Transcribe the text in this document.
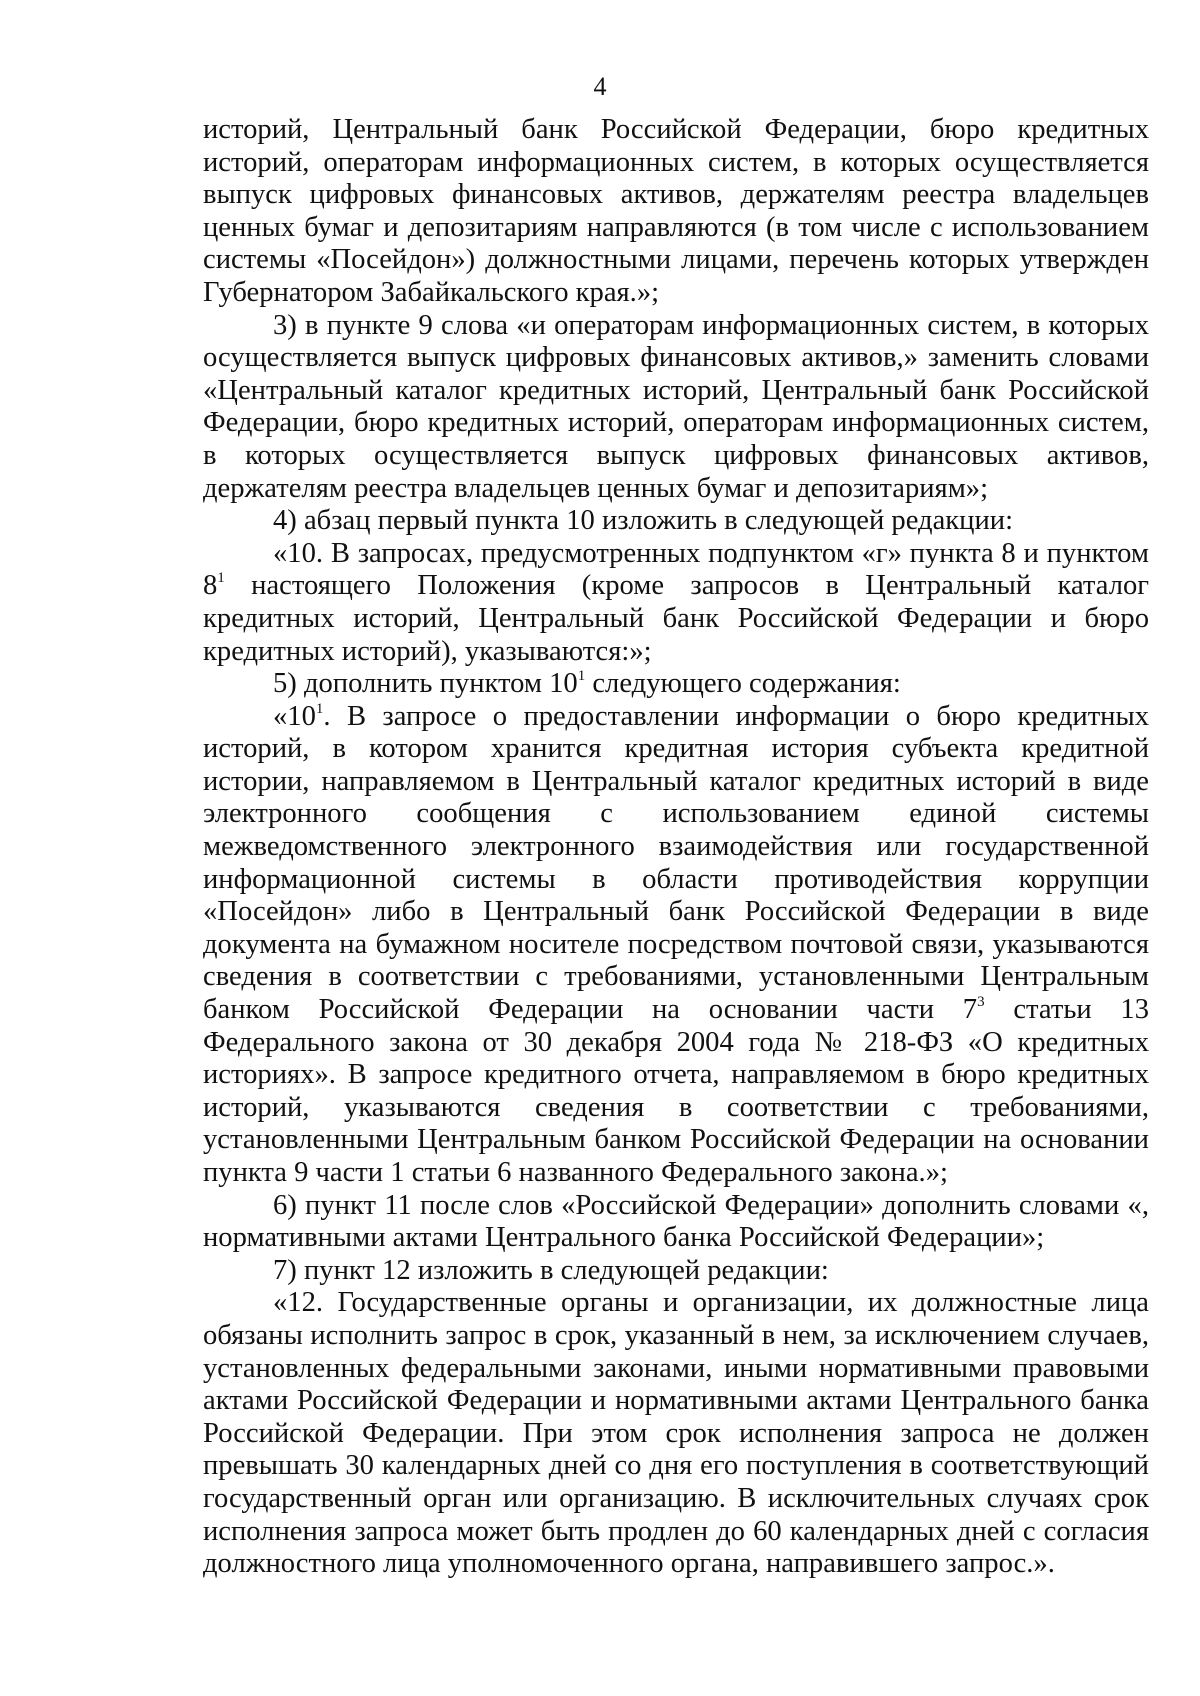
4

историй, Центральный банк Российской Федерации, бюро кредитных историй, операторам информационных систем, в которых осуществляется выпуск цифровых финансовых активов, держателям реестра владельцев ценных бумаг и депозитариям направляются (в том числе с использованием системы «Посейдон») должностными лицами, перечень которых утвержден Губернатором Забайкальского края.»;

3) в пункте 9 слова «и операторам информационных систем, в которых осуществляется выпуск цифровых финансовых активов,» заменить словами «Центральный каталог кредитных историй, Центральный банк Российской Федерации, бюро кредитных историй, операторам информационных систем, в которых осуществляется выпуск цифровых финансовых активов, держателям реестра владельцев ценных бумаг и депозитариям»;

4) абзац первый пункта 10 изложить в следующей редакции:

«10. В запросах, предусмотренных подпунктом «г» пункта 8 и пунктом $8^1$ настоящего Положения (кроме запросов в Центральный каталог кредитных историй, Центральный банк Российской Федерации и бюро кредитных историй), указываются:»;

5) дополнить пунктом $10^1$ следующего содержания:

«$10^1$. В запросе о предоставлении информации о бюро кредитных историй, в котором хранится кредитная история субъекта кредитной истории, направляемом в Центральный каталог кредитных историй в виде электронного сообщения с использованием единой системы межведомственного электронного взаимодействия или государственной информационной системы в области противодействия коррупции «Посейдон» либо в Центральный банк Российской Федерации в виде документа на бумажном носителе посредством почтовой связи, указываются сведения в соответствии с требованиями, установленными Центральным банком Российской Федерации на основании части $7^3$ статьи 13 Федерального закона от 30 декабря 2004 года № 218-ФЗ «О кредитных историях». В запросе кредитного отчета, направляемом в бюро кредитных историй, указываются сведения в соответствии с требованиями, установленными Центральным банком Российской Федерации на основании пункта 9 части 1 статьи 6 названного Федерального закона.»;

6) пункт 11 после слов «Российской Федерации» дополнить словами «, нормативными актами Центрального банка Российской Федерации»;

7) пункт 12 изложить в следующей редакции:

«12. Государственные органы и организации, их должностные лица обязаны исполнить запрос в срок, указанный в нем, за исключением случаев, установленных федеральными законами, иными нормативными правовыми актами Российской Федерации и нормативными актами Центрального банка Российской Федерации. При этом срок исполнения запроса не должен превышать 30 календарных дней со дня его поступления в соответствующий государственный орган или организацию. В исключительных случаях срок исполнения запроса может быть продлен до 60 календарных дней с согласия должностного лица уполномоченного органа, направившего запрос.».
